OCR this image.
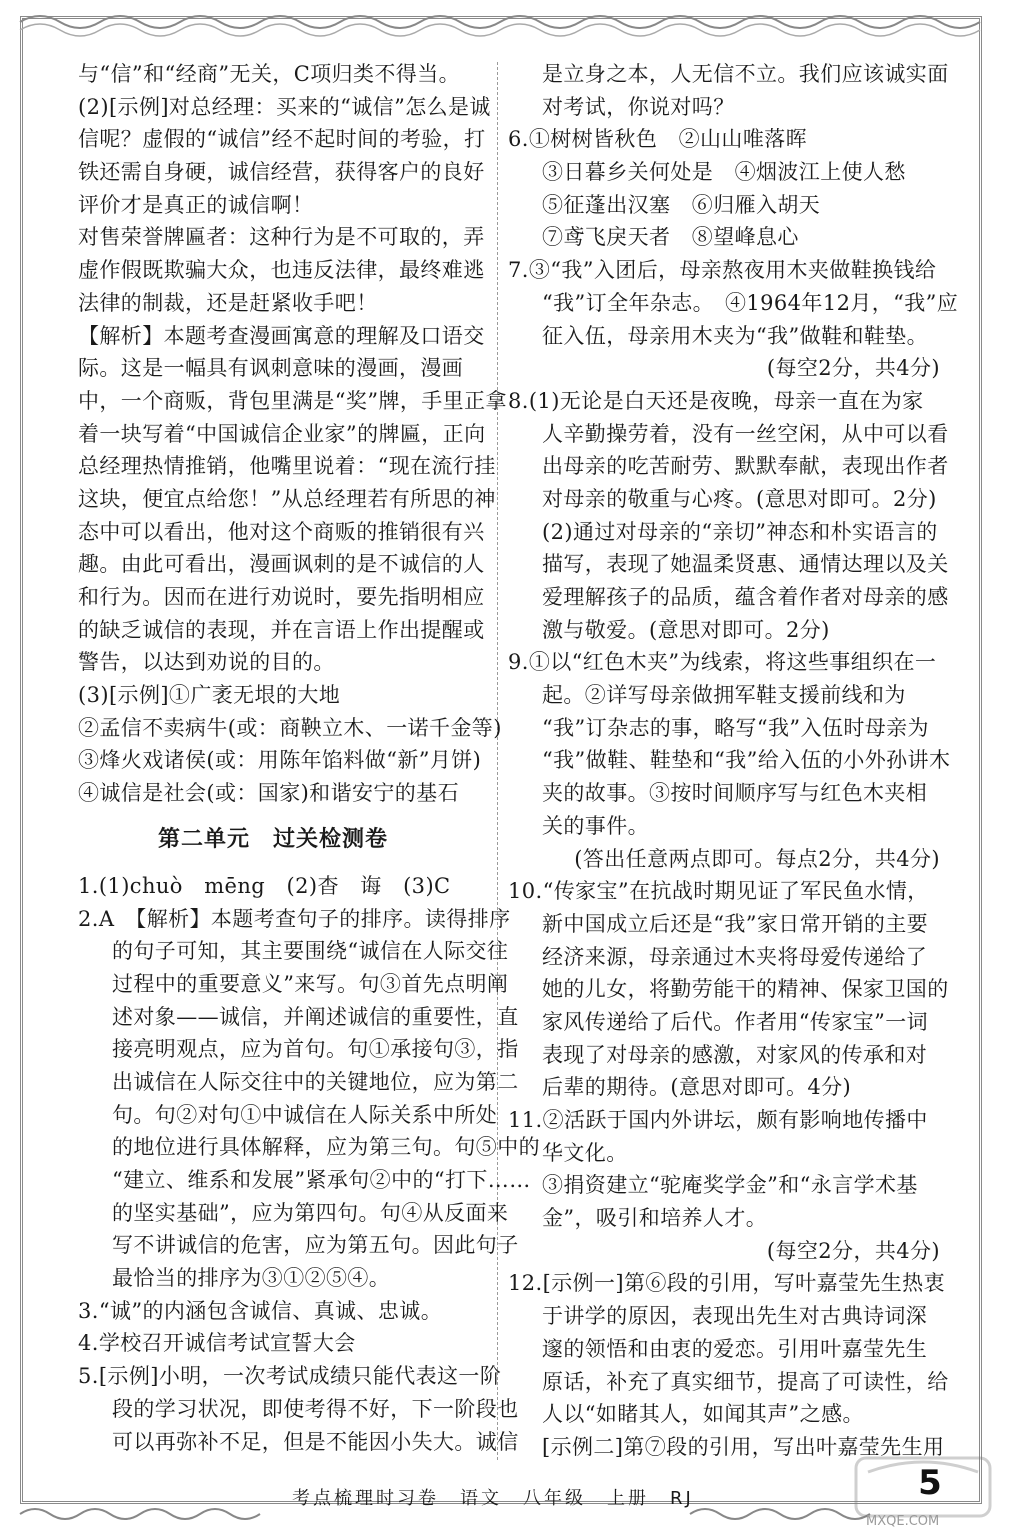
与“信”和“经商”无关，C项归类不得当。
(2)[示例]对总经理：买来的“诚信”怎么是诚
信呢？虚假的“诚信”经不起时间的考验，打
铁还需自身硬，诚信经营，获得客户的良好
评价才是真正的诚信啊！
对售荣誉牌匾者：这种行为是不可取的，弄
虚作假既欺骗大众，也违反法律，最终难逃
法律的制裁，还是赶紧收手吧！
【解析】本题考查漫画寓意的理解及口语交
际。这是一幅具有讽刺意味的漫画，漫画
中，一个商贩，背包里满是“奖”牌，手里正拿
着一块写着“中国诚信企业家”的牌匾，正向
总经理热情推销，他嘴里说着：“现在流行挂
这块，便宜点给您！”从总经理若有所思的神
态中可以看出，他对这个商贩的推销很有兴
趣。由此可看出，漫画讽刺的是不诚信的人
和行为。因而在进行劝说时，要先指明相应
的缺乏诚信的表现，并在言语上作出提醒或
警告，以达到劝说的目的。
(3)[示例]①广袤无垠的大地
②孟信不卖病牛(或：商鞅立木、一诺千金等)
③烽火戏诸侯(或：用陈年馅料做“新”月饼)
④诚信是社会(或：国家)和谐安宁的基石
第二单元　过关检测卷
1.(1)chuò　mēng　(2)杳　诲　(3)C
2.A　【解析】本题考查句子的排序。读得排序
的句子可知，其主要围绕“诚信在人际交往
过程中的重要意义”来写。句③首先点明阐
述对象——诚信，并阐述诚信的重要性，直
接亮明观点，应为首句。句①承接句③，指
出诚信在人际交往中的关键地位，应为第二
句。句②对句①中诚信在人际关系中所处
的地位进行具体解释，应为第三句。句⑤中的
“建立、维系和发展”紧承句②中的“打下……
的坚实基础”，应为第四句。句④从反面来
写不讲诚信的危害，应为第五句。因此句子
最恰当的排序为③①②⑤④。
3.“诚”的内涵包含诚信、真诚、忠诚。
4.学校召开诚信考试宣誓大会
5.[示例]小明，一次考试成绩只能代表这一阶
段的学习状况，即使考得不好，下一阶段也
可以再弥补不足，但是不能因小失大。诚信
是立身之本，人无信不立。我们应该诚实面
对考试，你说对吗？
6.①树树皆秋色　②山山唯落晖
③日暮乡关何处是　④烟波江上使人愁
⑤征蓬出汉塞　⑥归雁入胡天
⑦鸢飞戾天者　⑧望峰息心
7.③“我”入团后，母亲熬夜用木夹做鞋换钱给
“我”订全年杂志。　④1964年12月，“我”应
征入伍，母亲用木夹为“我”做鞋和鞋垫。
(每空2分，共4分)
8.(1)无论是白天还是夜晚，母亲一直在为家
人辛勤操劳着，没有一丝空闲，从中可以看
出母亲的吃苦耐劳、默默奉献，表现出作者
对母亲的敬重与心疼。(意思对即可。2分)
(2)通过对母亲的“亲切”神态和朴实语言的
描写，表现了她温柔贤惠、通情达理以及关
爱理解孩子的品质，蕴含着作者对母亲的感
激与敬爱。(意思对即可。2分)
9.①以“红色木夹”为线索，将这些事组织在一
起。②详写母亲做拥军鞋支援前线和为
“我”订杂志的事，略写“我”入伍时母亲为
“我”做鞋、鞋垫和“我”给入伍的小外孙讲木
夹的故事。③按时间顺序写与红色木夹相
关的事件。
(答出任意两点即可。每点2分，共4分)
10.“传家宝”在抗战时期见证了军民鱼水情，
新中国成立后还是“我”家日常开销的主要
经济来源，母亲通过木夹将母爱传递给了
她的儿女，将勤劳能干的精神、保家卫国的
家风传递给了后代。作者用“传家宝”一词
表现了对母亲的感激，对家风的传承和对
后辈的期待。(意思对即可。4分)
11.②活跃于国内外讲坛，颇有影响地传播中
华文化。
③捐资建立“驼庵奖学金”和“永言学术基
金”，吸引和培养人才。
(每空2分，共4分)
12.[示例一]第⑥段的引用，写叶嘉莹先生热衷
于讲学的原因，表现出先生对古典诗词深
邃的领悟和由衷的爱恋。引用叶嘉莹先生
原话，补充了真实细节，提高了可读性，给
人以“如睹其人，如闻其声”之感。
[示例二]第⑦段的引用，写出叶嘉莹先生用
考点梳理时习卷　语文　八年级　上册　RJ	5
MXQE.COM
